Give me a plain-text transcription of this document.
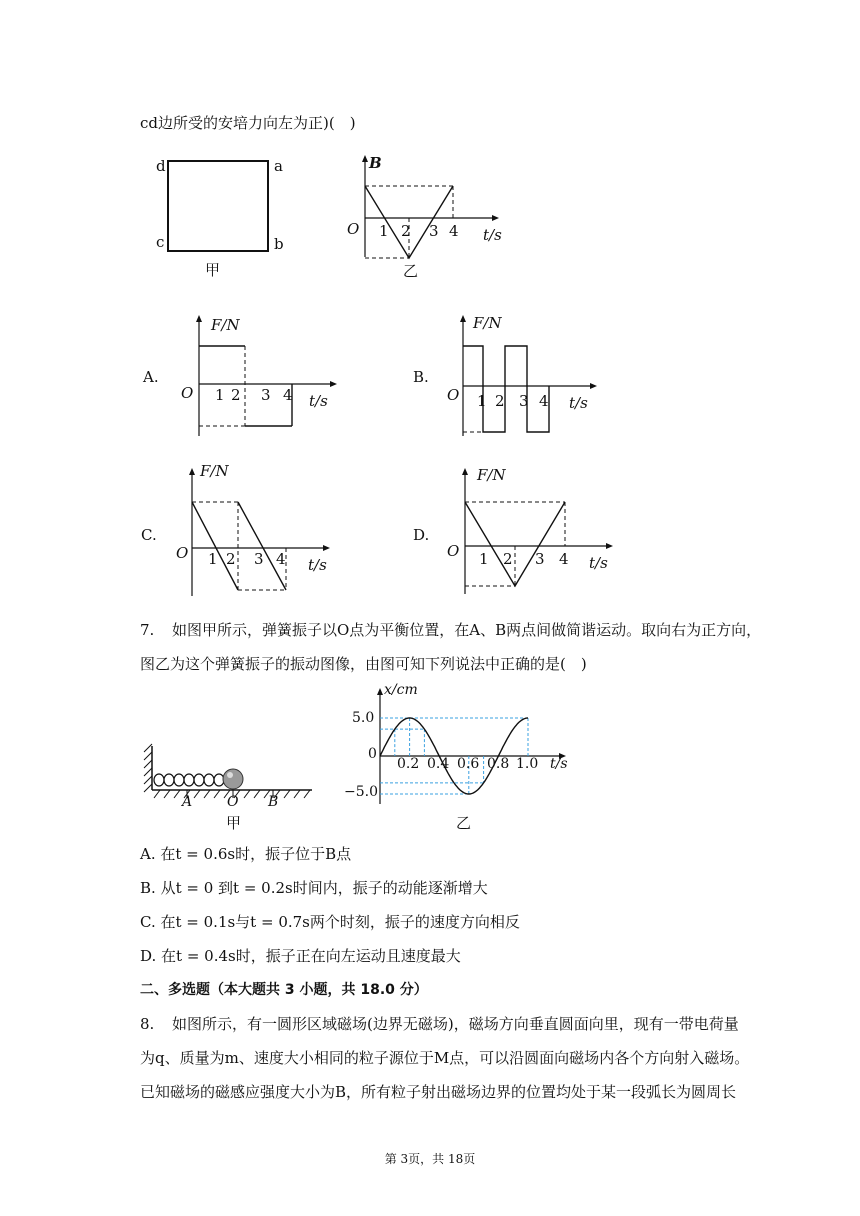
cd边所受的安培力向左为正)(　)
d	a
c	b
甲
B
O 1 2 3 4 t/s
乙
A.
F/N
O 1 2 3 4 t/s
B.
F/N
O 1 2 3 4 t/s
C.
F/N
O 1 2 3 4 t/s
D.
F/N
O 1 2 3 4 t/s
7. 如图甲所示，弹簧振子以O点为平衡位置，在A、B两点间做简谐运动。取向右为正方向，
图乙为这个弹簧振子的振动图像，由图可知下列说法中正确的是(　)
A O B
甲
x/cm
5.0
0
−5.0
0.2 0.4 0.6 0.8 1.0 t/s
乙
A. 在t = 0.6s时，振子位于B点
B. 从t = 0 到t = 0.2s时间内，振子的动能逐渐增大
C. 在t = 0.1s与t = 0.7s两个时刻，振子的速度方向相反
D. 在t = 0.4s时，振子正在向左运动且速度最大
二、多选题（本大题共 3 小题，共 18.0 分）
8. 如图所示，有一圆形区域磁场(边界无磁场)，磁场方向垂直圆面向里，现有一带电荷量
为q、质量为m、速度大小相同的粒子源位于M点，可以沿圆面向磁场内各个方向射入磁场。
已知磁场的磁感应强度大小为B，所有粒子射出磁场边界的位置均处于某一段弧长为圆周长
第 3页，共 18页
